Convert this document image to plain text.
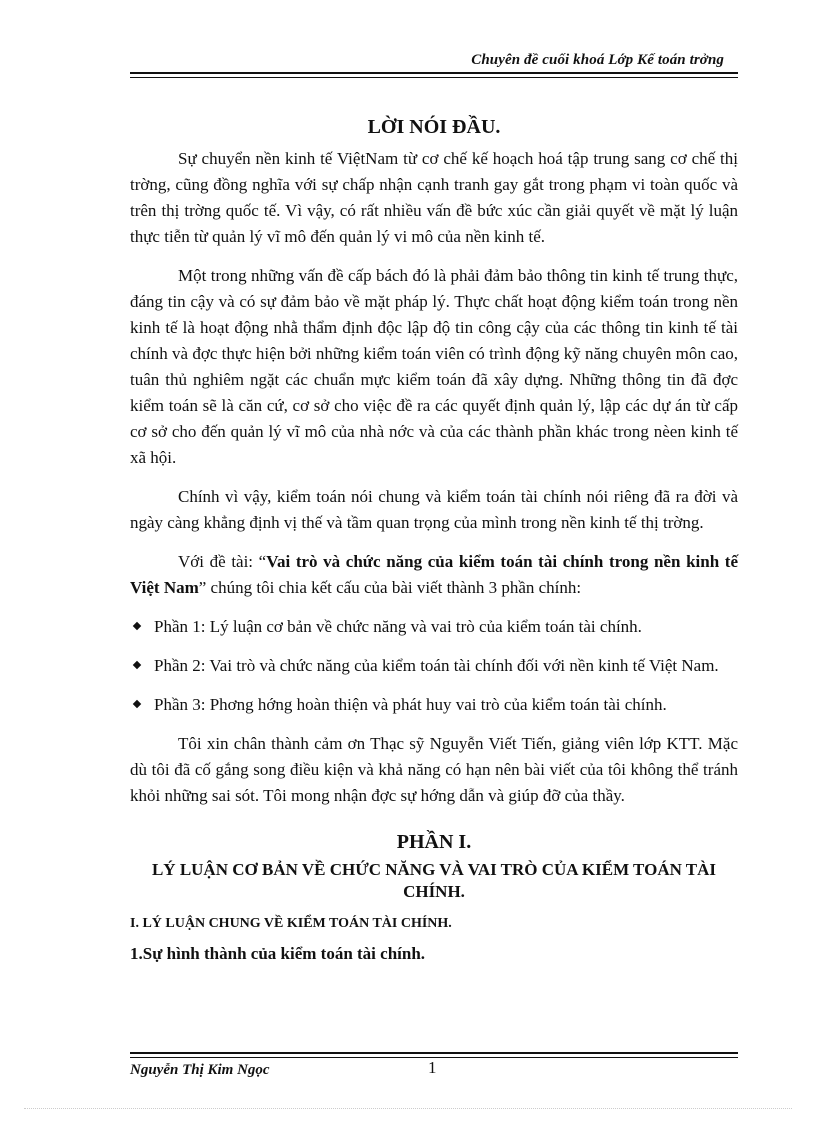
Chuyên đề cuối khoá Lớp Kế toán trởng
LỜI NÓI ĐẦU.

Sự chuyển nền kinh tế ViệtNam từ cơ chế kế hoạch hoá tập trung sang cơ chế thị trờng, cũng đồng nghĩa với sự chấp nhận cạnh tranh gay gắt trong phạm vi toàn quốc và trên thị trờng quốc tế. Vì vậy, có rất nhiều vấn đề bức xúc cần giải quyết về mặt lý luận thực tiễn từ quản lý vĩ mô đến quản lý vi mô của nền kinh tế.

Một trong những vấn đề cấp bách đó là phải đảm bảo thông tin kinh tế trung thực, đáng tin cậy và có sự đảm bảo về mặt pháp lý. Thực chất hoạt động kiểm toán trong nền kinh tế là hoạt động nhằ thẩm định độc lập độ tin công cậy của các thông tin kinh tế tài chính và đợc thực hiện bởi những kiểm toán viên có trình động kỹ năng chuyên môn cao, tuân thủ nghiêm ngặt các chuẩn mực kiểm toán đã xây dựng. Những thông tin đã đợc kiểm toán sẽ là căn cứ, cơ sở cho việc đề ra các quyết định quản lý, lập các dự án từ cấp cơ sở cho đến quản lý vĩ mô của nhà nớc và của các thành phần khác trong nèen kinh tế xã hội.

Chính vì vậy, kiểm toán nói chung và kiểm toán tài chính nói riêng đã ra đời và ngày càng khẳng định vị thế và tầm quan trọng của mình trong nền kinh tế thị trờng.

Với đề tài: “Vai trò và chức năng của kiểm toán tài chính trong nền kinh tế Việt Nam” chúng tôi chia kết cấu của bài viết thành 3 phần chính:

Phần 1: Lý luận cơ bản về chức năng và vai trò của kiểm toán tài chính.
Phần 2: Vai trò và chức năng của kiểm toán tài chính đối với nền kinh tế Việt Nam.
Phần 3: Phơng hớng hoàn thiện và phát huy vai trò của kiểm toán tài chính.

Tôi xin chân thành cảm ơn Thạc sỹ Nguyễn Viết Tiến, giảng viên lớp KTT. Mặc dù tôi đã cố gắng song điều kiện và khả năng có hạn nên bài viết của tôi không thể tránh khỏi những sai sót. Tôi mong nhận đợc sự hớng dẫn và giúp đỡ của thầy.

PHẦN I.
LÝ LUẬN CƠ BẢN VỀ CHỨC NĂNG VÀ VAI TRÒ CỦA KIỂM TOÁN TÀI CHÍNH.
I. LÝ LUẬN CHUNG VỀ KIỂM TOÁN TÀI CHÍNH.
1.Sự hình thành của kiểm toán tài chính.
Nguyễn Thị Kim Ngọc	1
